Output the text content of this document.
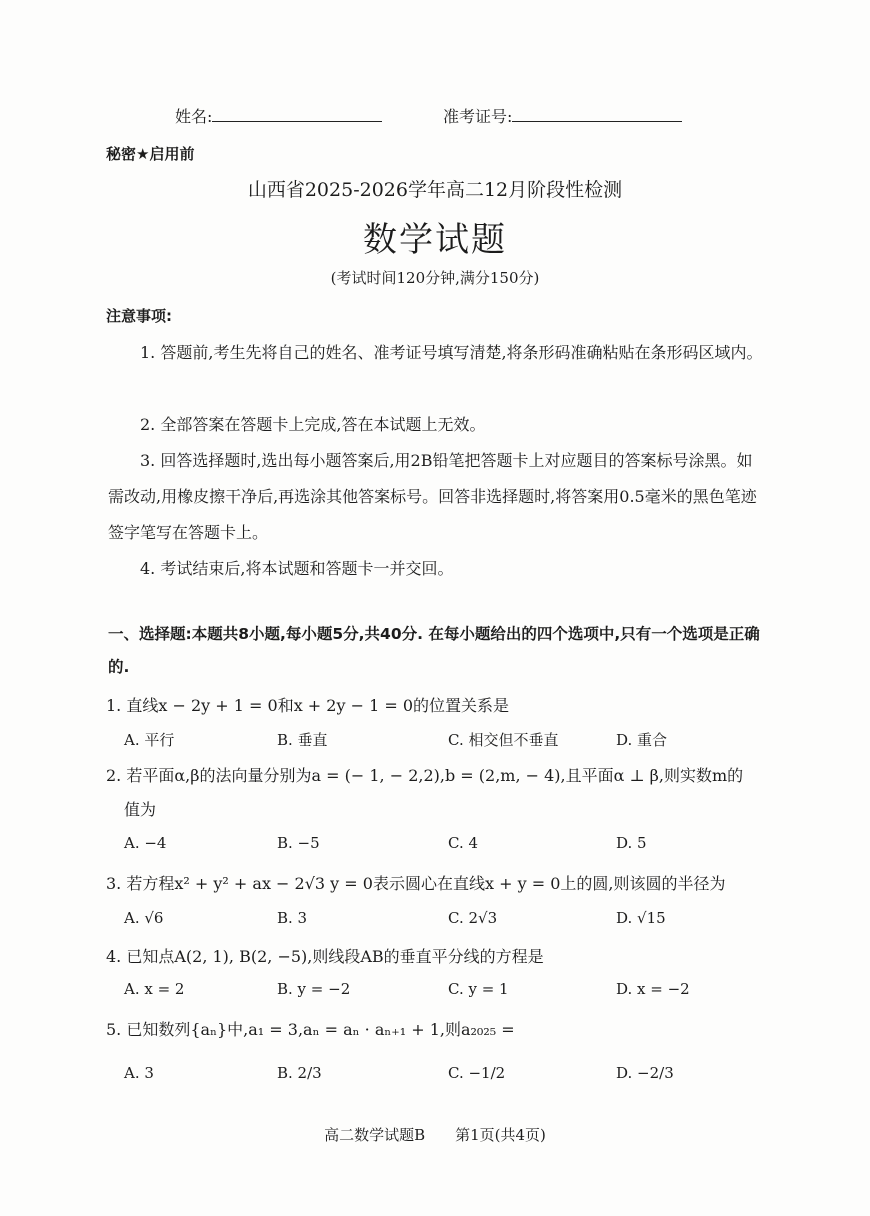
姓名:	准考证号:
秘密★启用前
山西省2025-2026学年高二12月阶段性检测
数学试题
(考试时间120分钟,满分150分)
注意事项:
1. 答题前,考生先将自己的姓名、准考证号填写清楚,将条形码准确粘贴在条形码区域内。
2. 全部答案在答题卡上完成,答在本试题上无效。
3. 回答选择题时,选出每小题答案后,用2B铅笔把答题卡上对应题目的答案标号涂黑。如需改动,用橡皮擦干净后,再选涂其他答案标号。回答非选择题时,将答案用0.5毫米的黑色笔迹签字笔写在答题卡上。
4. 考试结束后,将本试题和答题卡一并交回。
一、选择题:本题共8小题,每小题5分,共40分. 在每小题给出的四个选项中,只有一个选项是正确的.
1. 直线x − 2y + 1 = 0和x + 2y − 1 = 0的位置关系是
A. 平行	B. 垂直	C. 相交但不垂直	D. 重合
2. 若平面α,β的法向量分别为a = (− 1, − 2,2),b = (2,m, − 4),且平面α ⊥ β,则实数m的
值为
A. −4	B. −5	C. 4	D. 5
3. 若方程x² + y² + ax − 2√3 y = 0表示圆心在直线x + y = 0上的圆,则该圆的半径为
A. √6	B. 3	C. 2√3	D. √15
4. 已知点A(2, 1), B(2, −5),则线段AB的垂直平分线的方程是
A. x = 2	B. y = −2	C. y = 1	D. x = −2
5. 已知数列{aₙ}中,a₁ = 3,aₙ = aₙ · aₙ₊₁ + 1,则a₂₀₂₅ =
A. 3	B. 2/3	C. −1/2	D. −2/3
高二数学试题B　　第1页(共4页)
